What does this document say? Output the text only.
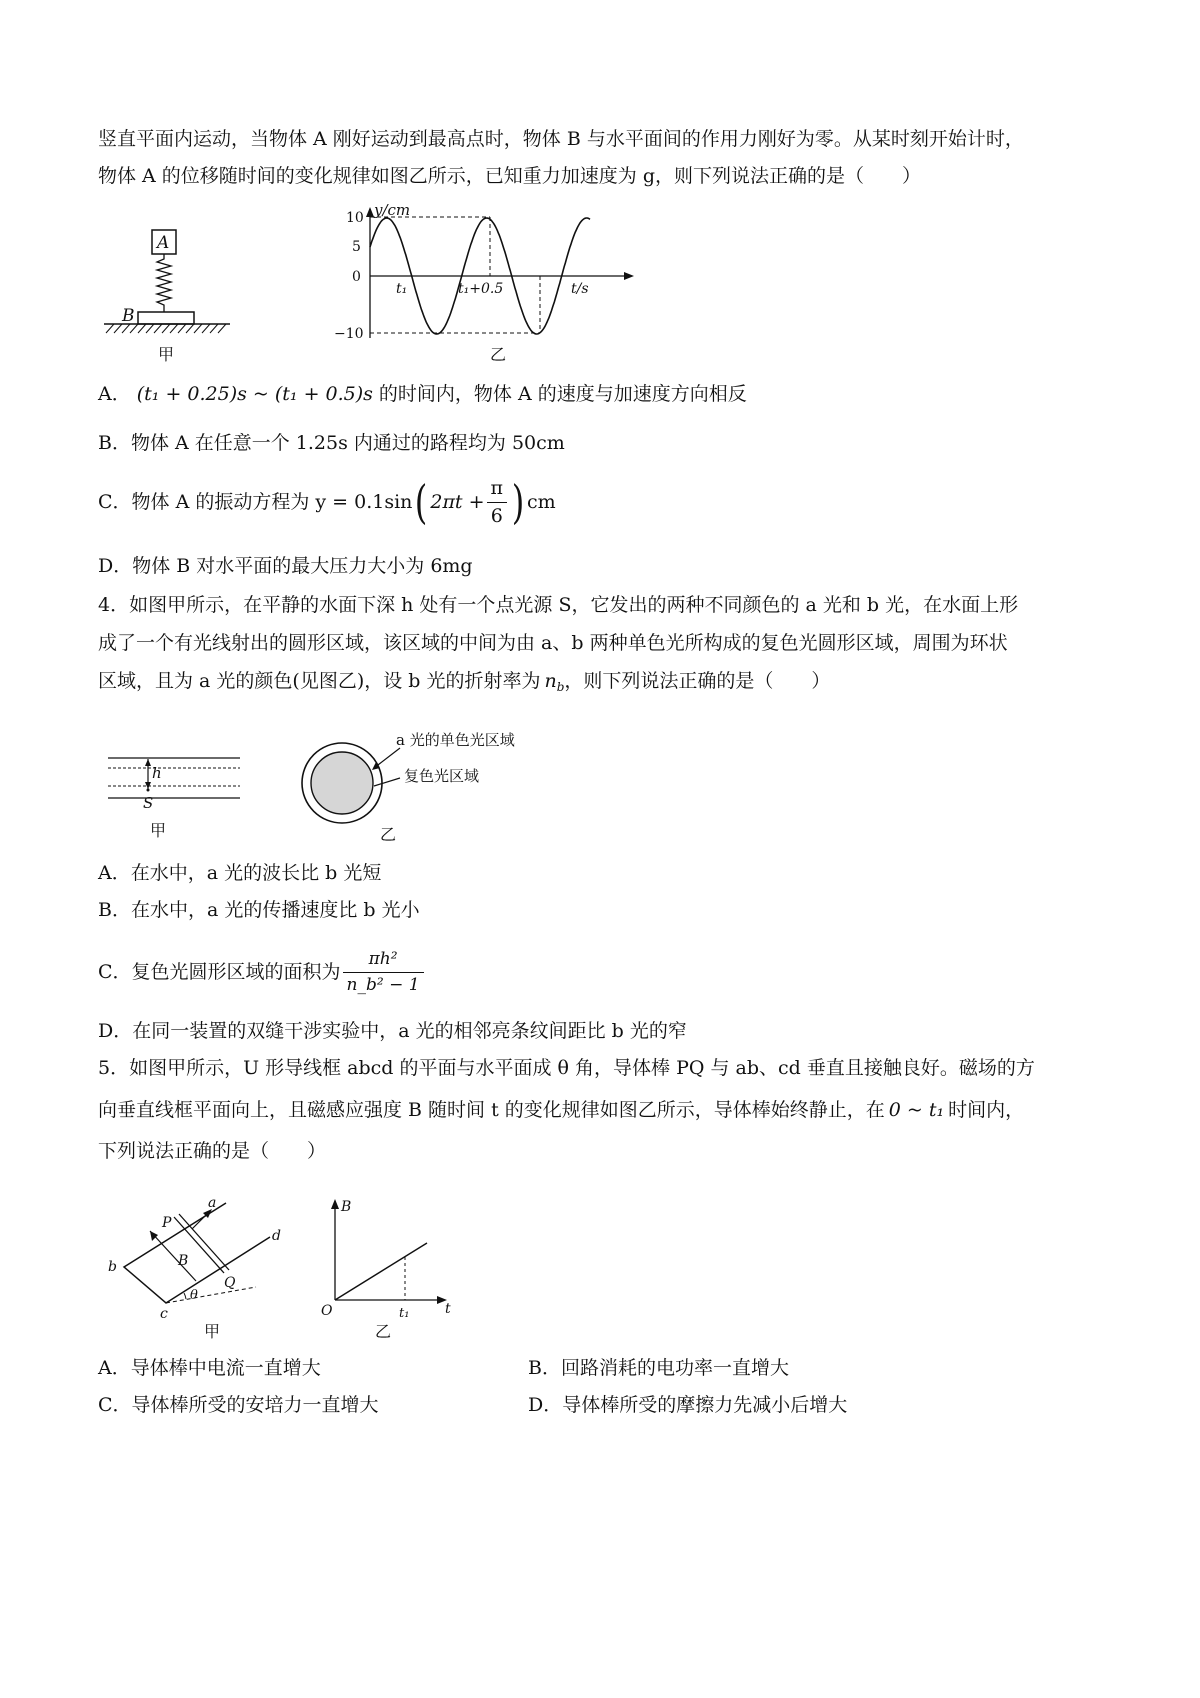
竖直平面内运动，当物体 A 刚好运动到最高点时，物体 B 与水平面间的作用力刚好为零。从某时刻开始计时，
物体 A 的位移随时间的变化规律如图乙所示，已知重力加速度为 g，则下列说法正确的是（　　）
A
B
甲
y/cm
10
5
0
−10
t₁	t₁+0.5	t/s
乙
A． (t₁ + 0.25)s ~ (t₁ + 0.5)s 的时间内，物体 A 的速度与加速度方向相反
B．物体 A 在任意一个 1.25s 内通过的路程均为 50cm
C．物体 A 的振动方程为 y = 0.1sin ( $2\pi t + \frac{\pi}{6}$ ) cm
D．物体 B 对水平面的最大压力大小为 6mg
4．如图甲所示，在平静的水面下深 h 处有一个点光源 S，它发出的两种不同颜色的 a 光和 b 光，在水面上形
成了一个有光线射出的圆形区域，该区域的中间为由 a、b 两种单色光所构成的复色光圆形区域，周围为环状
区域，且为 a 光的颜色(见图乙)，设 b 光的折射率为 $n_b$，则下列说法正确的是（　　）
h
S
甲
a 光的单色光区域
复色光区域
乙
A．在水中，a 光的波长比 b 光短
B．在水中，a 光的传播速度比 b 光小
C．复色光圆形区域的面积为 $\frac{\text{πh²}}{\text{n\_b² − 1}}$
D．在同一装置的双缝干涉实验中，a 光的相邻亮条纹间距比 b 光的窄
5．如图甲所示，U 形导线框 abcd 的平面与水平面成 θ 角，导体棒 PQ 与 ab、cd 垂直且接触良好。磁场的方
向垂直线框平面向上，且磁感应强度 B 随时间 t 的变化规律如图乙所示，导体棒始终静止，在 0 ~ t₁ 时间内，
下列说法正确的是（　　）
a
b
c
d
P
Q
B
θ
甲
B
O	t₁	t
乙
A．导体棒中电流一直增大	B．回路消耗的电功率一直增大
C．导体棒所受的安培力一直增大	D．导体棒所受的摩擦力先减小后增大
